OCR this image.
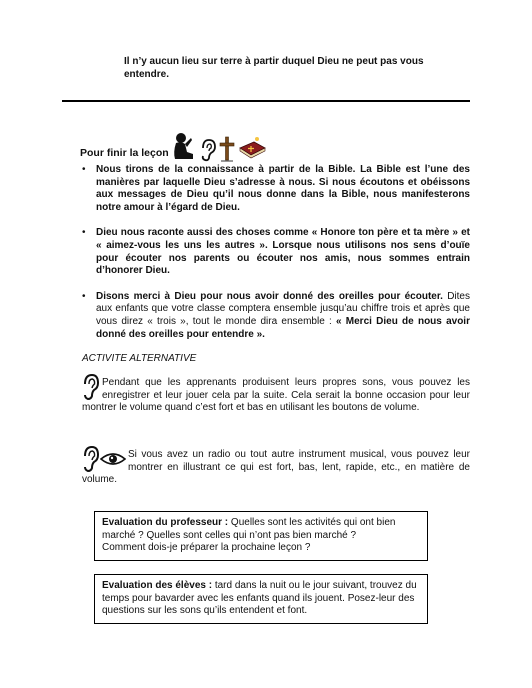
Il n’y aucun lieu sur terre à partir duquel Dieu ne peut pas vous entendre.
Pour finir la leçon
• Nous tirons de la connaissance à partir de la Bible. La Bible est l’une des manières par laquelle Dieu s’adresse à nous. Si nous écoutons et obéissons aux messages de Dieu qu’il nous donne dans la Bible, nous manifesterons notre amour à l’égard de Dieu.
• Dieu nous raconte aussi des choses comme « Honore ton père et ta mère » et « aimez-vous les uns les autres ». Lorsque nous utilisons nos sens d’ouïe pour écouter nos parents ou écouter nos amis, nous sommes entrain d’honorer Dieu.
• Disons merci à Dieu pour nous avoir donné des oreilles pour écouter. Dites aux enfants que votre classe comptera ensemble jusqu’au chiffre trois et après que vous direz « trois », tout le monde dira ensemble : « Merci Dieu de nous avoir donné des oreilles pour entendre ».
ACTIVITE ALTERNATIVE
Pendant que les apprenants produisent leurs propres sons, vous pouvez les enregistrer et leur jouer cela par la suite. Cela serait la bonne occasion pour leur montrer le volume quand c’est fort et bas en utilisant les boutons de volume.
Si vous avez un radio ou tout autre instrument musical, vous pouvez leur montrer en illustrant ce qui est fort, bas, lent, rapide, etc., en matière de volume.

Evaluation du professeur : Quelles sont les activités qui ont bien marché ? Quelles sont celles qui n’ont pas bien marché ?

Comment dois-je préparer la prochaine leçon ?

Evaluation des élèves : tard dans la nuit ou le jour suivant, trouvez du temps pour bavarder avec les enfants quand ils jouent. Posez-leur des questions sur les sons qu’ils entendent et font.
